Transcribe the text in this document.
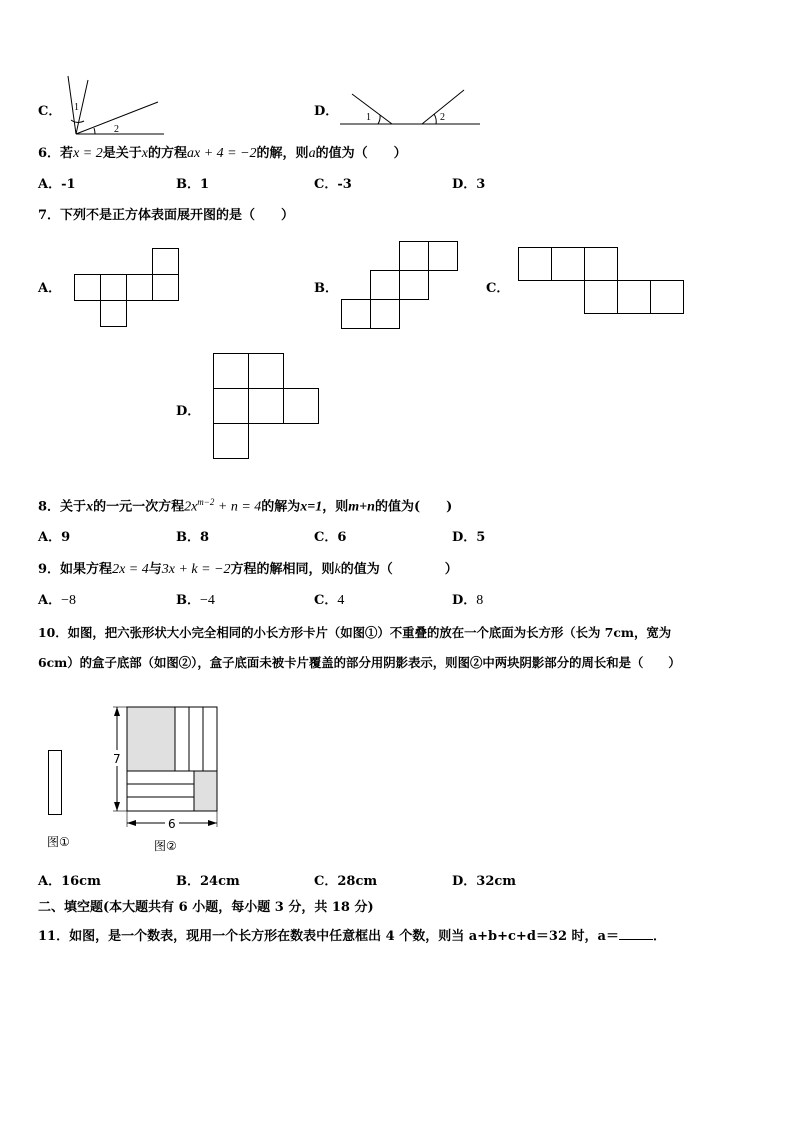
C． 1
2
D．	1	2
6．若x = 2是关于x的方程ax + 4 = −2的解，则a的值为（　　）
A．-1	B．1	C．-3	D．3
7．下列不是正方体表面展开图的是（　　）
A．	B．	C．
D．
8．关于x的一元一次方程$2x^{m-2} + n = 4$的解为x=1，则m+n的值为(　　)
A．9	B．8	C．6	D．5
9．如果方程2x = 4与3x + k = −2方程的解相同，则k的值为（　　　　）
A．−8	B．−4	C．4	D．8
10．如图，把六张形状大小完全相同的小长方形卡片（如图①）不重叠的放在一个底面为长方形（长为 7cm，宽为
6cm）的盒子底部（如图②），盒子底面未被卡片覆盖的部分用阴影表示，则图②中两块阴影部分的周长和是（　　）
图①
7
6
图②
A．16cm	B．24cm	C．28cm	D．32cm
二、填空题(本大题共有 6 小题，每小题 3 分，共 18 分)
11．如图，是一个数表，现用一个长方形在数表中任意框出 4 个数，则当 a+b+c+d＝32 时，a＝	．
